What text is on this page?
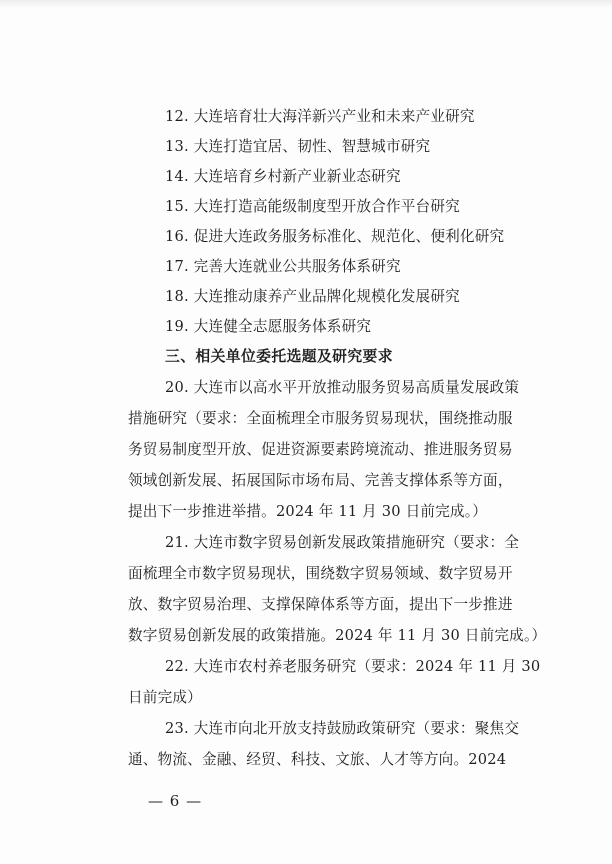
12. 大连培育壮大海洋新兴产业和未来产业研究
13. 大连打造宜居、韧性、智慧城市研究
14. 大连培育乡村新产业新业态研究
15. 大连打造高能级制度型开放合作平台研究
16. 促进大连政务服务标准化、规范化、便利化研究
17. 完善大连就业公共服务体系研究
18. 大连推动康养产业品牌化规模化发展研究
19. 大连健全志愿服务体系研究
三、相关单位委托选题及研究要求
20. 大连市以高水平开放推动服务贸易高质量发展政策
措施研究（要求：全面梳理全市服务贸易现状，围绕推动服
务贸易制度型开放、促进资源要素跨境流动、推进服务贸易
领域创新发展、拓展国际市场布局、完善支撑体系等方面，
提出下一步推进举措。2024 年 11 月 30 日前完成。）
21. 大连市数字贸易创新发展政策措施研究（要求：全
面梳理全市数字贸易现状，围绕数字贸易领域、数字贸易开
放、数字贸易治理、支撑保障体系等方面，提出下一步推进
数字贸易创新发展的政策措施。2024 年 11 月 30 日前完成。）
22. 大连市农村养老服务研究（要求：2024 年 11 月 30
日前完成）
23. 大连市向北开放支持鼓励政策研究（要求：聚焦交
通、物流、金融、经贸、科技、文旅、人才等方向。2024
— 6 —
